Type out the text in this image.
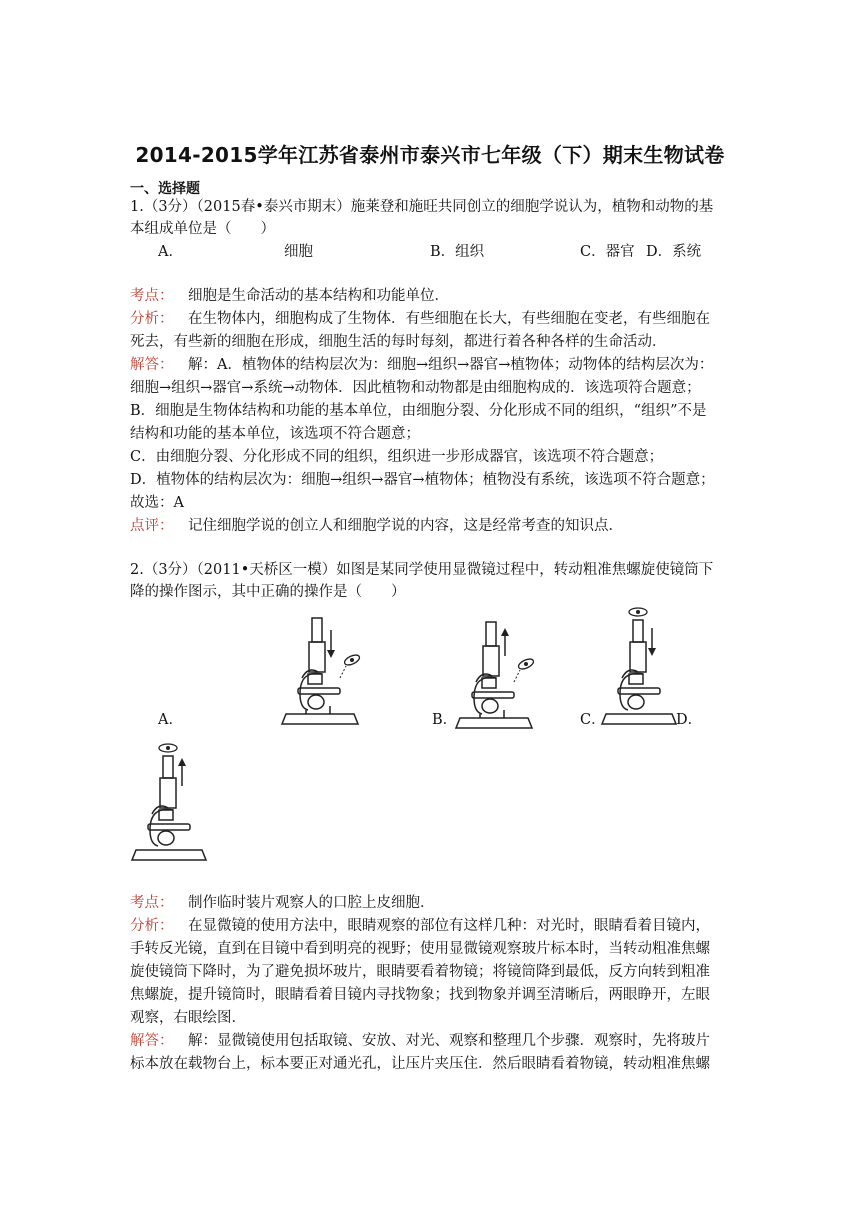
2014-2015学年江苏省泰州市泰兴市七年级（下）期末生物试卷
一、选择题
1.（3分）（2015春•泰兴市期末）施莱登和施旺共同创立的细胞学说认为，植物和动物的基
本组成单位是（　　）
A．	细胞	B．组织	C．器官 D．系统
考点： 细胞是生命活动的基本结构和功能单位．
分析： 在生物体内，细胞构成了生物体．有些细胞在长大，有些细胞在变老，有些细胞在
死去，有些新的细胞在形成，细胞生活的每时每刻，都进行着各种各样的生命活动．
解答： 解：A．植物体的结构层次为：细胞→组织→器官→植物体；动物体的结构层次为：
细胞→组织→器官→系统→动物体．因此植物和动物都是由细胞构成的．该选项符合题意；
B．细胞是生物体结构和功能的基本单位，由细胞分裂、分化形成不同的组织，“组织”不是
结构和功能的基本单位，该选项不符合题意；
C．由细胞分裂、分化形成不同的组织，组织进一步形成器官，该选项不符合题意；
D．植物体的结构层次为：细胞→组织→器官→植物体；植物没有系统，该选项不符合题意；
故选：A
点评： 记住细胞学说的创立人和细胞学说的内容，这是经常考查的知识点．
2.（3分）（2011•天桥区一模）如图是某同学使用显微镜过程中，转动粗准焦螺旋使镜筒下
降的操作图示，其中正确的操作是（　　）
A．	B．	C．	D．
考点： 制作临时装片观察人的口腔上皮细胞．
分析： 在显微镜的使用方法中，眼睛观察的部位有这样几种：对光时，眼睛看着目镜内，
手转反光镜，直到在目镜中看到明亮的视野；使用显微镜观察玻片标本时，当转动粗准焦螺
旋使镜筒下降时，为了避免损坏玻片，眼睛要看着物镜；将镜筒降到最低，反方向转到粗准
焦螺旋，提升镜筒时，眼睛看着目镜内寻找物象；找到物象并调至清晰后，两眼睁开，左眼
观察，右眼绘图．
解答： 解：显微镜使用包括取镜、安放、对光、观察和整理几个步骤．观察时，先将玻片
标本放在载物台上，标本要正对通光孔，让压片夹压住．然后眼睛看着物镜，转动粗准焦螺
